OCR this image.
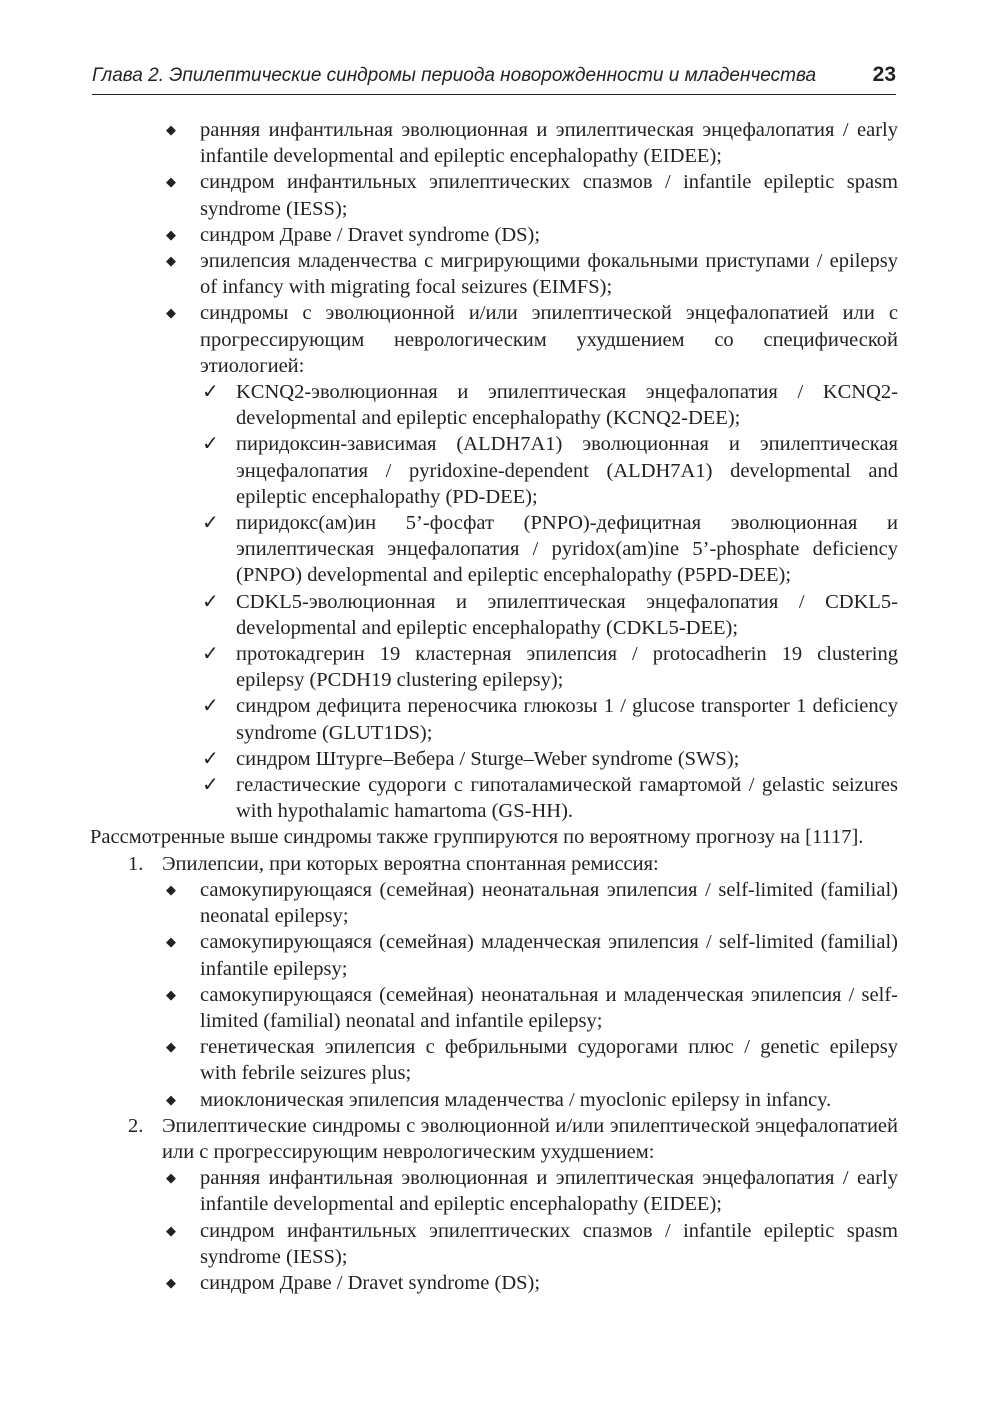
Глава 2. Эпилептические синдромы периода новорожденности и младенчества	23
◆ ранняя инфантильная эволюционная и эпилептическая энцефалопатия / early infantile developmental and epileptic encephalopathy (EIDEE);
◆ синдром инфантильных эпилептических спазмов / infantile epileptic spasm syndrome (IESS);
◆ синдром Драве / Dravet syndrome (DS);
◆ эпилепсия младенчества с мигрирующими фокальными приступами / epilepsy of infancy with migrating focal seizures (EIMFS);
◆ синдромы с эволюционной и/или эпилептической энцефалопатией или с прогрессирующим неврологическим ухудшением со специфической этиологией:
✓ KCNQ2-эволюционная и эпилептическая энцефалопатия / KCNQ2-developmental and epileptic encephalopathy (KCNQ2-DEE);
✓ пиридоксин-зависимая (ALDH7A1) эволюционная и эпилептическая энцефалопатия / pyridoxine-dependent (ALDH7A1) developmental and epileptic encephalopathy (PD-DEE);
✓ пиридокс(ам)ин 5’-фосфат (PNPO)-дефицитная эволюционная и эпилептическая энцефалопатия / pyridox(am)ine 5’-phosphate deficiency (PNPO) developmental and epileptic encephalopathy (P5PD-DEE);
✓ CDKL5-эволюционная и эпилептическая энцефалопатия / CDKL5-developmental and epileptic encephalopathy (CDKL5-DEE);
✓ протокадгерин 19 кластерная эпилепсия / protocadherin 19 clustering epilepsy (PCDH19 clustering epilepsy);
✓ синдром дефицита переносчика глюкозы 1 / glucose transporter 1 deficiency syndrome (GLUT1DS);
✓ синдром Штурге–Вебера / Sturge–Weber syndrome (SWS);
✓ геластические судороги с гипоталамической гамартомой / gelastic seizures with hypothalamic hamartoma (GS-HH).

Рассмотренные выше синдромы также группируются по вероятному прогнозу на [1117].

1. Эпилепсии, при которых вероятна спонтанная ремиссия:
◆ самокупирующаяся (семейная) неонатальная эпилепсия / self-limited (familial) neonatal epilepsy;
◆ самокупирующаяся (семейная) младенческая эпилепсия / self-limited (familial) infantile epilepsy;
◆ самокупирующаяся (семейная) неонатальная и младенческая эпилепсия / self-limited (familial) neonatal and infantile epilepsy;
◆ генетическая эпилепсия с фебрильными судорогами плюс / genetic epilepsy with febrile seizures plus;
◆ миоклоническая эпилепсия младенчества / myoclonic epilepsy in infancy.
2. Эпилептические синдромы с эволюционной и/или эпилептической энцефалопатией или с прогрессирующим неврологическим ухудшением:
◆ ранняя инфантильная эволюционная и эпилептическая энцефалопатия / early infantile developmental and epileptic encephalopathy (EIDEE);
◆ синдром инфантильных эпилептических спазмов / infantile epileptic spasm syndrome (IESS);
◆ синдром Драве / Dravet syndrome (DS);
